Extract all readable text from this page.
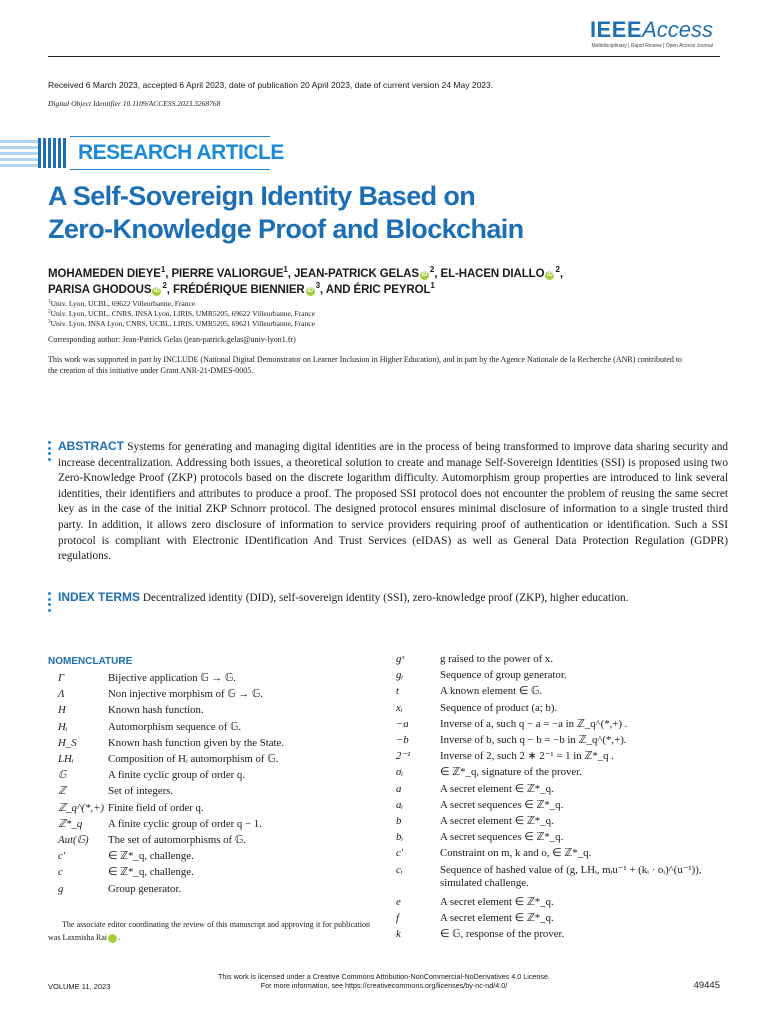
IEEEAccess
Multidisciplinary | Rapid Review | Open Access Journal
Received 6 March 2023, accepted 6 April 2023, date of publication 20 April 2023, date of current version 24 May 2023.
Digital Object Identifier 10.1109/ACCESS.2023.3268768
RESEARCH ARTICLE
A Self-Sovereign Identity Based on
Zero-Knowledge Proof and Blockchain
MOHAMEDEN DIEYE$^1$, PIERRE VALIORGUE$^1$, JEAN-PATRICK GELAS $iD^2$, EL-HACEN DIALLO $iD^2$,
PARISA GHODOUS $iD^2$, FRÉDÉRIQUE BIENNIER $iD^3$, AND ÉRIC PEYROL$^1$
$^1$Univ. Lyon, UCBL, 69622 Villeurbanne, France
$^2$Univ. Lyon, UCBL, CNRS, INSA Lyon, LIRIS, UMR5205, 69622 Villeurbanne, France
$^3$Univ. Lyon, INSA Lyon, CNRS, UCBL, LIRIS, UMR5205, 69621 Villeurbanne, France
Corresponding author: Jean-Patrick Gelas (jean-patrick.gelas@univ-lyon1.fr)
This work was supported in part by INCLUDE (National Digital Demonstrator on Learner Inclusion in Higher Education), and in part by the Agence Nationale de la Recherche (ANR) contributed to the creation of this initiative under Grant ANR-21-DMES-0005.
ABSTRACT Systems for generating and managing digital identities are in the process of being transformed to improve data sharing security and increase decentralization. Addressing both issues, a theoretical solution to create and manage Self-Sovereign Identities (SSI) is proposed using two Zero-Knowledge Proof (ZKP) protocols based on the discrete logarithm difficulty. Automorphism group properties are introduced to link several identities, their identifiers and attributes to produce a proof. The proposed SSI protocol does not encounter the problem of reusing the same secret key as in the case of the initial ZKP Schnorr protocol. The designed protocol ensures minimal disclosure of information to a single trusted third party. In addition, it allows zero disclosure of information to service providers requiring proof of authentication or identification. Such a SSI protocol is compliant with Electronic IDentification And Trust Services (eIDAS) as well as General Data Protection Regulation (GDPR) regulations.
INDEX TERMS Decentralized identity (DID), self-sovereign identity (SSI), zero-knowledge proof (ZKP), higher education.
NOMENCLATURE
Γ	Bijective application 𝔾 → 𝔾.
Λ	Non injective morphism of 𝔾 → 𝔾.
H	Known hash function.
Hᵢ	Automorphism sequence of 𝔾.
H_S	Known hash function given by the State.
LHᵢ	Composition of Hᵢ automorphism of 𝔾.
𝔾	A finite cyclic group of order q.
ℤ	Set of integers.
ℤ_q^(*,+) Finite field of order q.
ℤ*_q A finite cyclic group of order q − 1.
Aut(𝔾) The set of automorphisms of 𝔾.
c′	∈ ℤ*_q, challenge.
c	∈ ℤ*_q, challenge.
g	Group generator.
gˣ	g raised to the power of x.
gᵢ	Sequence of group generator.
t	A known element ∈ 𝔾.
xᵢ	Sequence of product (a; b).
−a	Inverse of a, such q − a = −a in ℤ_q^(*,+) .
−b	Inverse of b, such q − b = −b in ℤ_q^(*,+).
2⁻¹	Inverse of 2, such 2 ∗ 2⁻¹ = 1 in ℤ*_q .
σᵢ	∈ ℤ*_q, signature of the prover.
a	A secret element ∈ ℤ*_q.
aᵢ	A secret sequences ∈ ℤ*_q.
b	A secret element ∈ ℤ*_q.
bᵢ	A secret sequences ∈ ℤ*_q.
c′	Constraint on m, k and o, ∈ ℤ*_q.
cᵢ	Sequence of hashed value of (g, LHᵢ, mᵢu⁻¹ + (kᵢ · oᵢ)^(u⁻¹)), simulated challenge.
e	A secret element ∈ ℤ*_q.
f	A secret element ∈ ℤ*_q.
k	∈ 𝔾, response of the prover.
The associate editor coordinating the review of this manuscript and approving it for publication was Laxmisha Rai	iD.
This work is licensed under a Creative Commons Attribution-NonCommercial-NoDerivatives 4.0 License.
For more information, see https://creativecommons.org/licenses/by-nc-nd/4.0/
VOLUME 11, 2023	49445
